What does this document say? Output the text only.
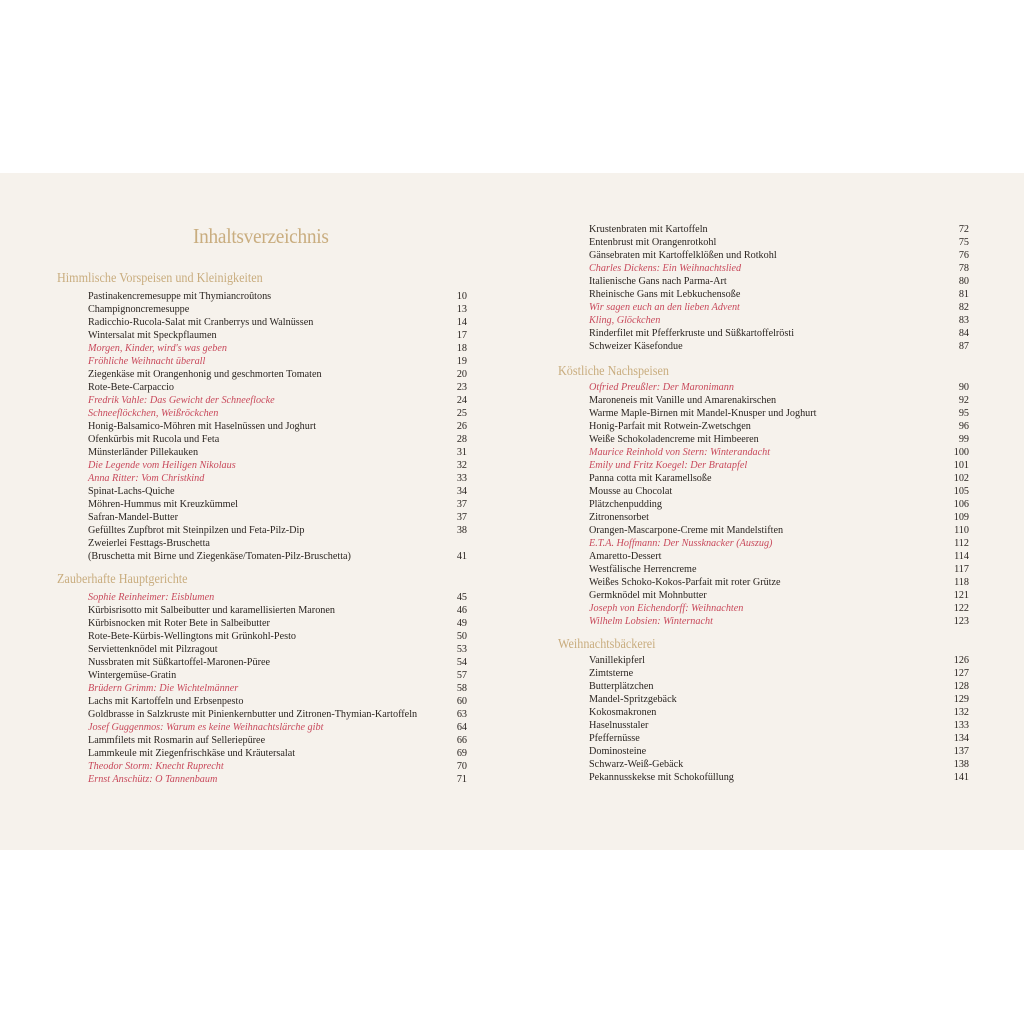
Inhaltsverzeichnis
Himmlische Vorspeisen und Kleinigkeiten
Pastinakencremesuppe mit Thymiancroûtons	10
Champignoncremesuppe	13
Radicchio-Rucola-Salat mit Cranberrys und Walnüssen	14
Wintersalat mit Speckpflaumen	17
Morgen, Kinder, wird's was geben	18
Fröhliche Weihnacht überall	19
Ziegenkäse mit Orangenhonig und geschmorten Tomaten	20
Rote-Bete-Carpaccio	23
Fredrik Vahle: Das Gewicht der Schneeflocke	24
Schneeflöckchen, Weißröckchen	25
Honig-Balsamico-Möhren mit Haselnüssen und Joghurt	26
Ofenkürbis mit Rucola und Feta	28
Münsterländer Pillekauken	31
Die Legende vom Heiligen Nikolaus	32
Anna Ritter: Vom Christkind	33
Spinat-Lachs-Quiche	34
Möhren-Hummus mit Kreuzkümmel	37
Safran-Mandel-Butter	37
Gefülltes Zupfbrot mit Steinpilzen und Feta-Pilz-Dip	38
Zweierlei Festtags-Bruschetta
(Bruschetta mit Birne und Ziegenkäse/Tomaten-Pilz-Bruschetta)	41
Zauberhafte Hauptgerichte
Sophie Reinheimer: Eisblumen	45
Kürbisrisotto mit Salbeibutter und karamellisierten Maronen	46
Kürbisnocken mit Roter Bete in Salbeibutter	49
Rote-Bete-Kürbis-Wellingtons mit Grünkohl-Pesto	50
Serviettenknödel mit Pilzragout	53
Nussbraten mit Süßkartoffel-Maronen-Püree	54
Wintergemüse-Gratin	57
Brüdern Grimm: Die Wichtelmänner	58
Lachs mit Kartoffeln und Erbsenpesto	60
Goldbrasse in Salzkruste mit Pinienkernbutter und Zitronen-Thymian-Kartoffeln	63
Josef Guggenmos: Warum es keine Weihnachtslärche gibt	64
Lammfilets mit Rosmarin auf Selleriepüree	66
Lammkeule mit Ziegenfrischkäse und Kräutersalat	69
Theodor Storm: Knecht Ruprecht	70
Ernst Anschütz: O Tannenbaum	71
Krustenbraten mit Kartoffeln	72
Entenbrust mit Orangenrotkohl	75
Gänsebraten mit Kartoffelklößen und Rotkohl	76
Charles Dickens: Ein Weihnachtslied	78
Italienische Gans nach Parma-Art	80
Rheinische Gans mit Lebkuchensoße	81
Wir sagen euch an den lieben Advent	82
Kling, Glöckchen	83
Rinderfilet mit Pfefferkruste und Süßkartoffelrösti	84
Schweizer Käsefondue	87
Köstliche Nachspeisen
Otfried Preußler: Der Maronimann	90
Maroneneis mit Vanille und Amarenakirschen	92
Warme Maple-Birnen mit Mandel-Knusper und Joghurt	95
Honig-Parfait mit Rotwein-Zwetschgen	96
Weiße Schokoladencreme mit Himbeeren	99
Maurice Reinhold von Stern: Winterandacht	100
Emily und Fritz Koegel: Der Bratapfel	101
Panna cotta mit Karamellsoße	102
Mousse au Chocolat	105
Plätzchenpudding	106
Zitronensorbet	109
Orangen-Mascarpone-Creme mit Mandelstiften	110
E.T.A. Hoffmann: Der Nussknacker (Auszug)	112
Amaretto-Dessert	114
Westfälische Herrencreme	117
Weißes Schoko-Kokos-Parfait mit roter Grütze	118
Germknödel mit Mohnbutter	121
Joseph von Eichendorff: Weihnachten	122
Wilhelm Lobsien: Winternacht	123
Weihnachtsbäckerei
Vanillekipferl	126
Zimtsterne	127
Butterplätzchen	128
Mandel-Spritzgebäck	129
Kokosmakronen	132
Haselnusstaler	133
Pfeffernüsse	134
Dominosteine	137
Schwarz-Weiß-Gebäck	138
Pekannusskekse mit Schokofüllung	141
